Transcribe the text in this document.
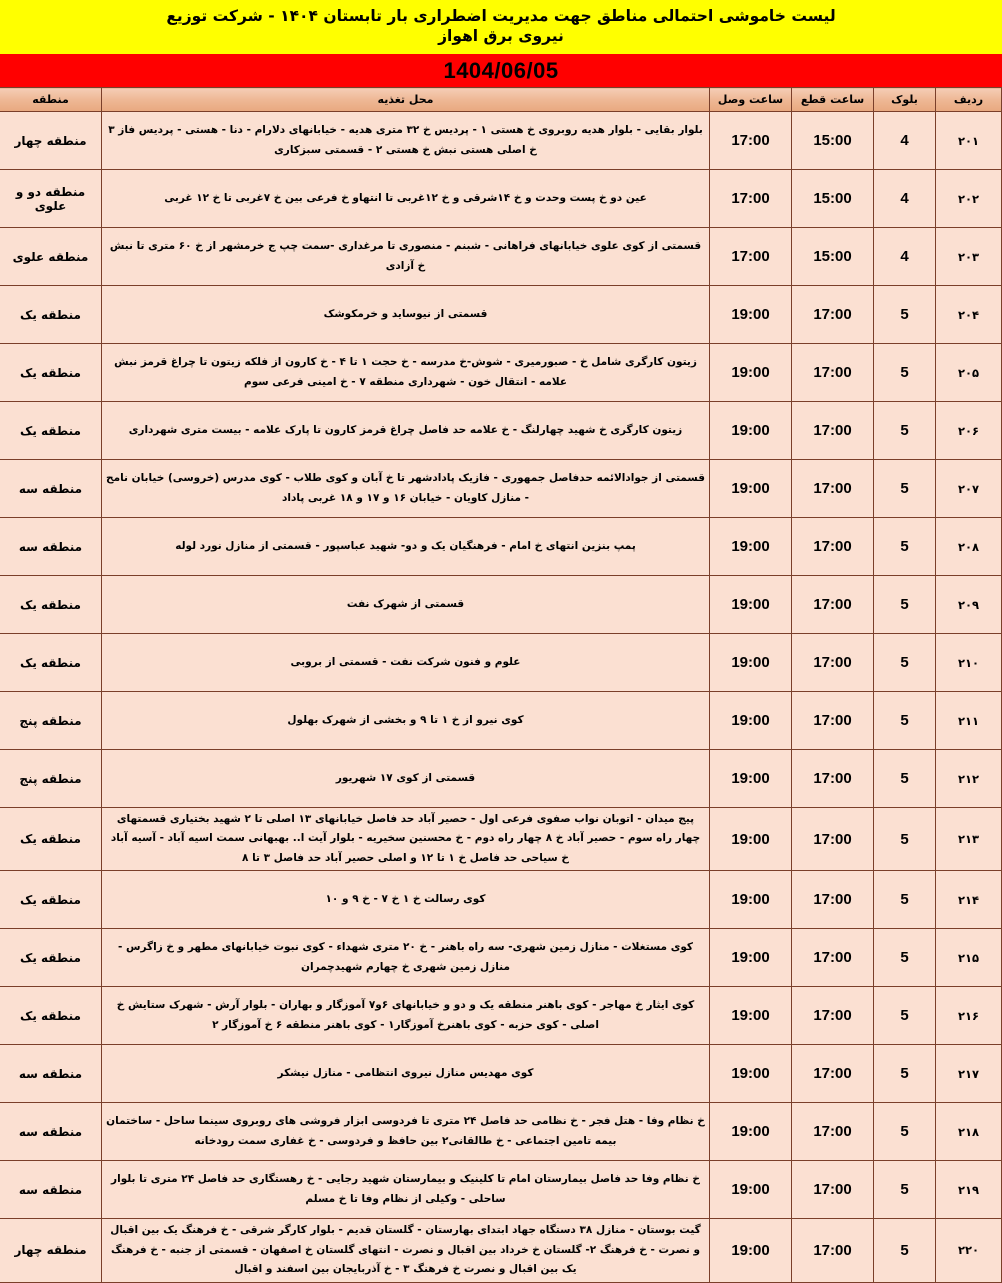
لیست خاموشی احتمالی مناطق جهت مدیریت اضطراری بار تابستان ۱۴۰۴ - شرکت توزیع نیروی برق اهواز
1404/06/05
ردیف	بلوک	ساعت قطع	ساعت وصل	محل تغذیه	منطقه
۲۰۱	4	15:00	17:00	بلوار بقایی - بلوار هدیه روبروی خ هستی ۱ - پردیس خ ۳۲ متری هدیه - خیابانهای دلارام - دنا - هستی - پردیس فاز ۳ خ اصلی هستی نبش خ هستی ۲ - قسمتی سبزکاری	منطقه چهار
۲۰۲	4	15:00	17:00	عین دو خ پست وحدت و خ ۱۴شرقی و خ ۱۲غربی تا انتهاو خ فرعی بین خ ۷غربی تا خ ۱۲ غربی	منطقه دو و علوی
۲۰۳	4	15:00	17:00	قسمتی از کوی علوی خیابانهای فراهانی - شبنم - منصوری تا مرغداری -سمت چپ ج خرمشهر از خ ۶۰ متری تا نبش خ آزادی	منطقه علوی
۲۰۴	5	17:00	19:00	قسمتی از نیوساید و خرمکوشک	منطقه یک
۲۰۵	5	17:00	19:00	زیتون کارگری شامل خ - صبورمیری - شوش-خ مدرسه - خ حجت ۱ تا ۴ - خ کارون از فلکه زیتون تا چراغ قرمز نبش علامه - انتقال خون - شهرداری منطقه ۷ - خ امینی فرعی سوم	منطقه یک
۲۰۶	5	17:00	19:00	زیتون کارگری خ شهید چهارلنگ - خ علامه حد فاصل چراغ قرمز کارون تا پارک علامه - بیست متری شهرداری	منطقه یک
۲۰۷	5	17:00	19:00	قسمتی از جوادالائمه حدفاصل جمهوری - فازیک پادادشهر تا خ آبان و کوی طلاب - کوی مدرس (خروسی) خیابان نامح - منازل کاویان - خیابان ۱۶ و ۱۷ و ۱۸ غربی پاداد	منطقه سه
۲۰۸	5	17:00	19:00	پمپ بنزین انتهای خ امام - فرهنگیان یک و دو- شهید عباسپور - قسمتی از منازل نورد لوله	منطقه سه
۲۰۹	5	17:00	19:00	قسمتی از شهرک نفت	منطقه یک
۲۱۰	5	17:00	19:00	علوم و فنون شرکت نفت - قسمتی از بروبی	منطقه یک
۲۱۱	5	17:00	19:00	کوی نیرو از خ ۱ تا ۹ و بخشی از شهرک بهلول	منطقه پنج
۲۱۲	5	17:00	19:00	قسمتی از کوی ۱۷ شهریور	منطقه پنج
۲۱۳	5	17:00	19:00	پیج میدان - اتوبان نواب صفوی فرعی اول - حصیر آباد حد فاصل خیابانهای ۱۳ اصلی تا ۲ شهید بختیاری قسمتهای چهار راه سوم - حصیر آباد خ ۸ چهار راه دوم - خ محسنین سخیریه - بلوار آیت ا.. بهبهانی سمت اسیه آباد - آسیه آباد خ سیاحی حد فاصل خ ۱ تا ۱۲ و اصلی حصیر آباد حد فاصل ۳ تا ۸	منطقه یک
۲۱۴	5	17:00	19:00	کوی رسالت خ ۱ خ ۷ - خ ۹ و ۱۰	منطقه یک
۲۱۵	5	17:00	19:00	کوی مستغلات - منازل زمین شهری- سه راه باهنر - خ ۲۰ متری شهداء - کوی نبوت خیابانهای مطهر و خ زاگرس - منازل زمین شهری خ چهارم شهیدچمران	منطقه یک
۲۱۶	5	17:00	19:00	کوی ایثار خ مهاجر - کوی باهنر منطقه یک و دو و خیابانهای ۶و۷ آموزگار و بهاران - بلوار آرش - شهرک ستایش خ اصلی - کوی حزبه - کوی باهنرخ آموزگار۱ - کوی باهنر منطقه ۶ خ آموزگار ۲	منطقه یک
۲۱۷	5	17:00	19:00	کوی مهدیس منازل نیروی انتظامی - منازل نیشکر	منطقه سه
۲۱۸	5	17:00	19:00	خ نظام وفا - هتل فجر - خ نظامی حد فاصل ۲۴ متری تا فردوسی ابزار فروشی های روبروی سینما ساحل - ساختمان بیمه تامین اجتماعی - خ طالقانی۲ بین حافظ و فردوسی - خ غفاری سمت رودخانه	منطقه سه
۲۱۹	5	17:00	19:00	خ نظام وفا حد فاصل بیمارستان امام تا کلینیک و بیمارستان شهید رجایی - خ رهستگاری حد فاصل ۲۴ متری تا بلوار ساحلی - وکیلی از نظام وفا تا خ مسلم	منطقه سه
۲۲۰	5	17:00	19:00	گیت بوستان - منازل ۳۸ دستگاه جهاد ابتدای بهارستان - گلستان قدیم - بلوار کارگر شرقی - خ فرهنگ یک بین اقبال و نصرت - خ فرهنگ ۲- گلستان خ خرداد بین اقبال و نصرت - انتهای گلستان خ اصفهان - قسمتی از جنبه - خ فرهنگ یک بین اقبال و نصرت خ فرهنگ ۳ - خ آذربایجان بین اسفند و اقبال	منطقه چهار
